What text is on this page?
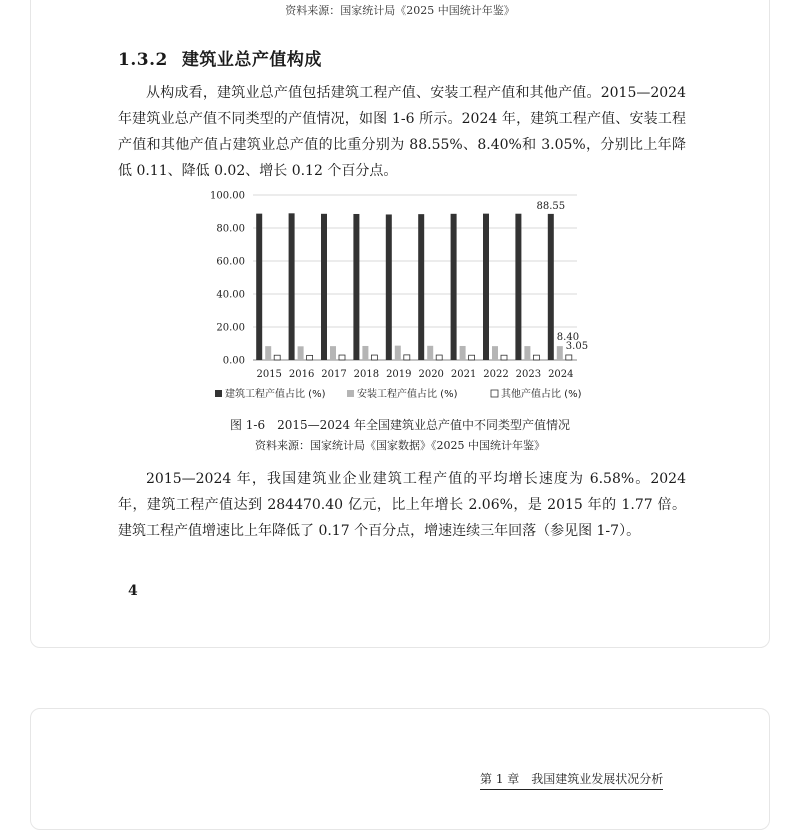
资料来源：国家统计局《2025 中国统计年鉴》
1.3.2 建筑业总产值构成

从构成看，建筑业总产值包括建筑工程产值、安装工程产值和其他产值。2015—2024 年建筑业总产值不同类型的产值情况，如图 1-6 所示。2024 年，建筑工程产值、安装工程产值和其他产值占建筑业总产值的比重分别为 88.55%、8.40%和 3.05%，分别比上年降低 0.11、降低 0.02、增长 0.12 个百分点。

0.00
20.00
40.00
60.00
80.00
100.00
2015 2016 2017 2018 2019 2020 2021 2022 2023 2024
88.55
8.40
3.05
建筑工程产值占比 (%)	安装工程产值占比 (%)	其他产值占比 (%)
图 1-6　2015—2024 年全国建筑业总产值中不同类型产值情况
资料来源：国家统计局《国家数据》《2025 中国统计年鉴》

2015—2024 年，我国建筑业企业建筑工程产值的平均增长速度为 6.58%。2024 年，建筑工程产值达到 284470.40 亿元，比上年增长 2.06%，是 2015 年的 1.77 倍。建筑工程产值增速比上年降低了 0.17 个百分点，增速连续三年回落（参见图 1-7）。

4
第 1 章 我国建筑业发展状况分析
